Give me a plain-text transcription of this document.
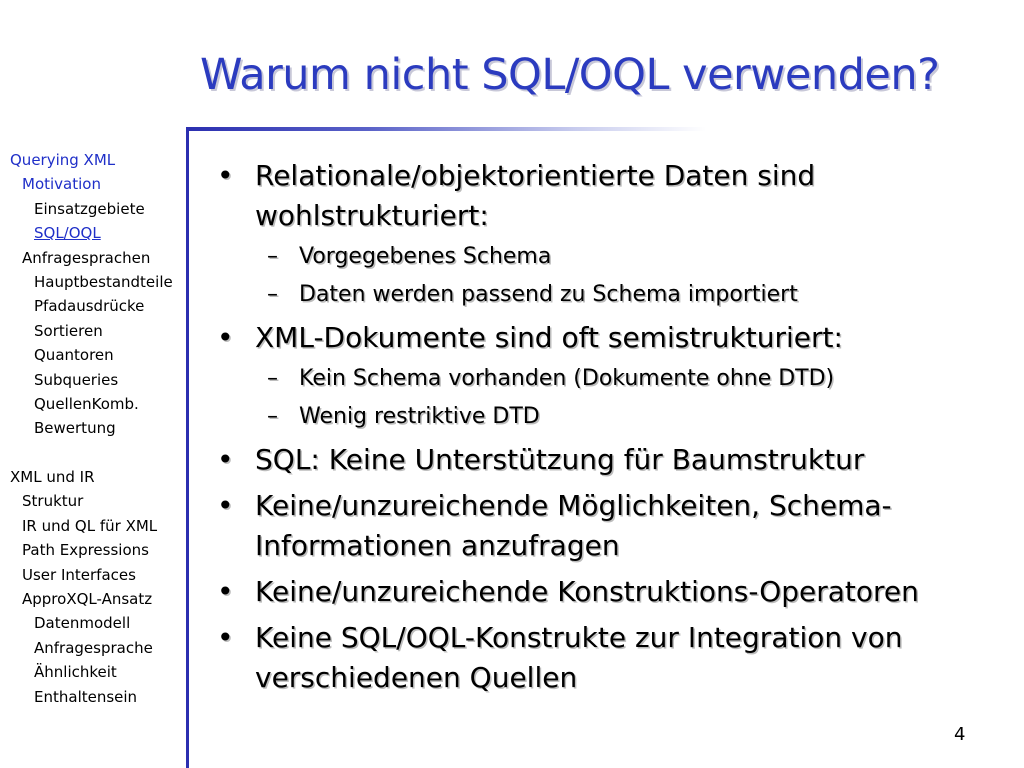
Warum nicht SQL/OQL verwenden?
Querying XML
Motivation
Einsatzgebiete
SQL/OQL
Anfragesprachen
Hauptbestandteile
Pfadausdrücke
Sortieren
Quantoren
Subqueries
QuellenKomb.
Bewertung
XML und IR
Struktur
IR und QL für XML
Path Expressions
User Interfaces
ApproXQL-Ansatz
Datenmodell
Anfragesprache
Ähnlichkeit
Enthaltensein
• Relationale/objektorientierte Daten sind wohlstrukturiert:
– Vorgegebenes Schema
– Daten werden passend zu Schema importiert
• XML-Dokumente sind oft semistrukturiert:
– Kein Schema vorhanden (Dokumente ohne DTD)
– Wenig restriktive DTD
• SQL: Keine Unterstützung für Baumstruktur
• Keine/unzureichende Möglichkeiten, Schema-Informationen anzufragen
• Keine/unzureichende Konstruktions-Operatoren
• Keine SQL/OQL-Konstrukte zur Integration von verschiedenen Quellen
4
